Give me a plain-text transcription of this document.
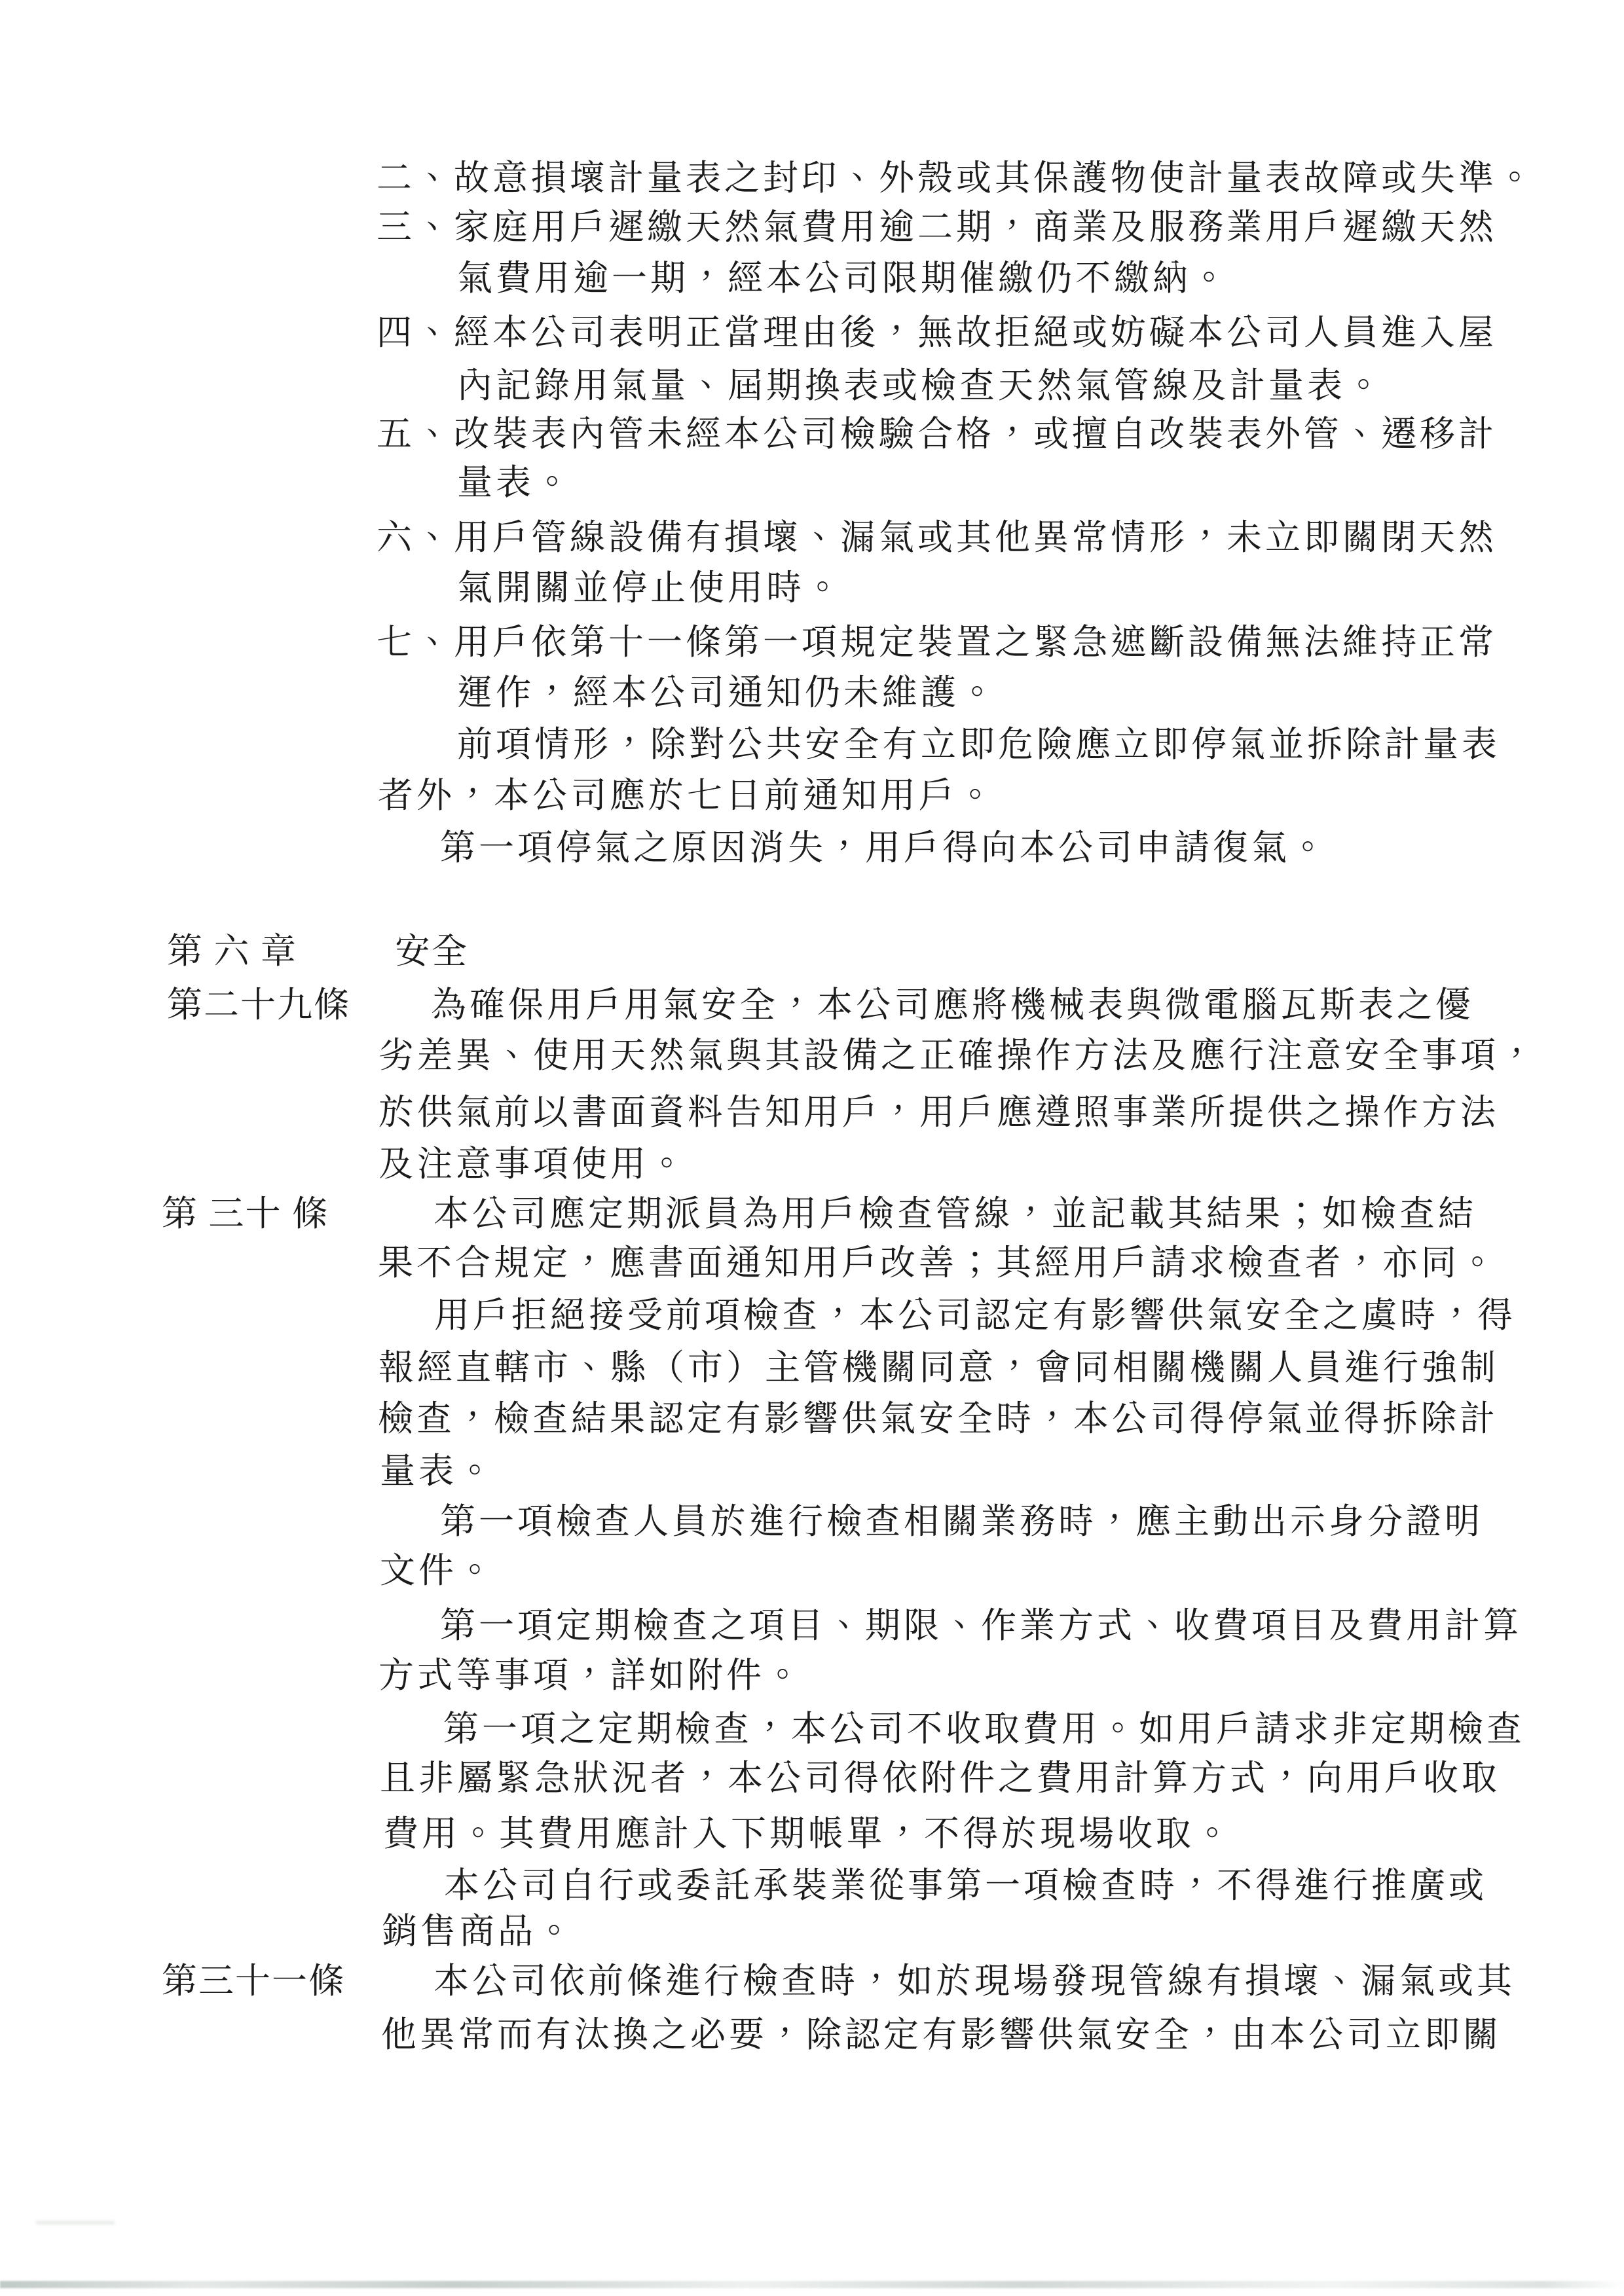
二、故意損壞計量表之封印、外殼或其保護物使計量表故障或失準。
三、家庭用戶遲繳天然氣費用逾二期，商業及服務業用戶遲繳天然
氣費用逾一期，經本公司限期催繳仍不繳納。
四、經本公司表明正當理由後，無故拒絕或妨礙本公司人員進入屋
內記錄用氣量、屆期換表或檢查天然氣管線及計量表。
五、改裝表內管未經本公司檢驗合格，或擅自改裝表外管、遷移計
量表。
六、用戶管線設備有損壞、漏氣或其他異常情形，未立即關閉天然
氣開關並停止使用時。
七、用戶依第十一條第一項規定裝置之緊急遮斷設備無法維持正常
運作，經本公司通知仍未維護。
前項情形，除對公共安全有立即危險應立即停氣並拆除計量表
者外，本公司應於七日前通知用戶。
第一項停氣之原因消失，用戶得向本公司申請復氣。
第 六 章	安全
第二十九條 為確保用戶用氣安全，本公司應將機械表與微電腦瓦斯表之優
劣差異、使用天然氣與其設備之正確操作方法及應行注意安全事項，
於供氣前以書面資料告知用戶，用戶應遵照事業所提供之操作方法
及注意事項使用。
第 三十 條	本公司應定期派員為用戶檢查管線，並記載其結果；如檢查結
果不合規定，應書面通知用戶改善；其經用戶請求檢查者，亦同。
用戶拒絕接受前項檢查，本公司認定有影響供氣安全之虞時，得
報經直轄市、縣（市）主管機關同意，會同相關機關人員進行強制
檢查，檢查結果認定有影響供氣安全時，本公司得停氣並得拆除計
量表。
第一項檢查人員於進行檢查相關業務時，應主動出示身分證明
文件。
第一項定期檢查之項目、期限、作業方式、收費項目及費用計算
方式等事項，詳如附件。
第一項之定期檢查，本公司不收取費用。如用戶請求非定期檢查
且非屬緊急狀況者，本公司得依附件之費用計算方式，向用戶收取
費用。其費用應計入下期帳單，不得於現場收取。
本公司自行或委託承裝業從事第一項檢查時，不得進行推廣或
銷售商品。
第三十一條	本公司依前條進行檢查時，如於現場發現管線有損壞、漏氣或其
他異常而有汰換之必要，除認定有影響供氣安全，由本公司立即關
